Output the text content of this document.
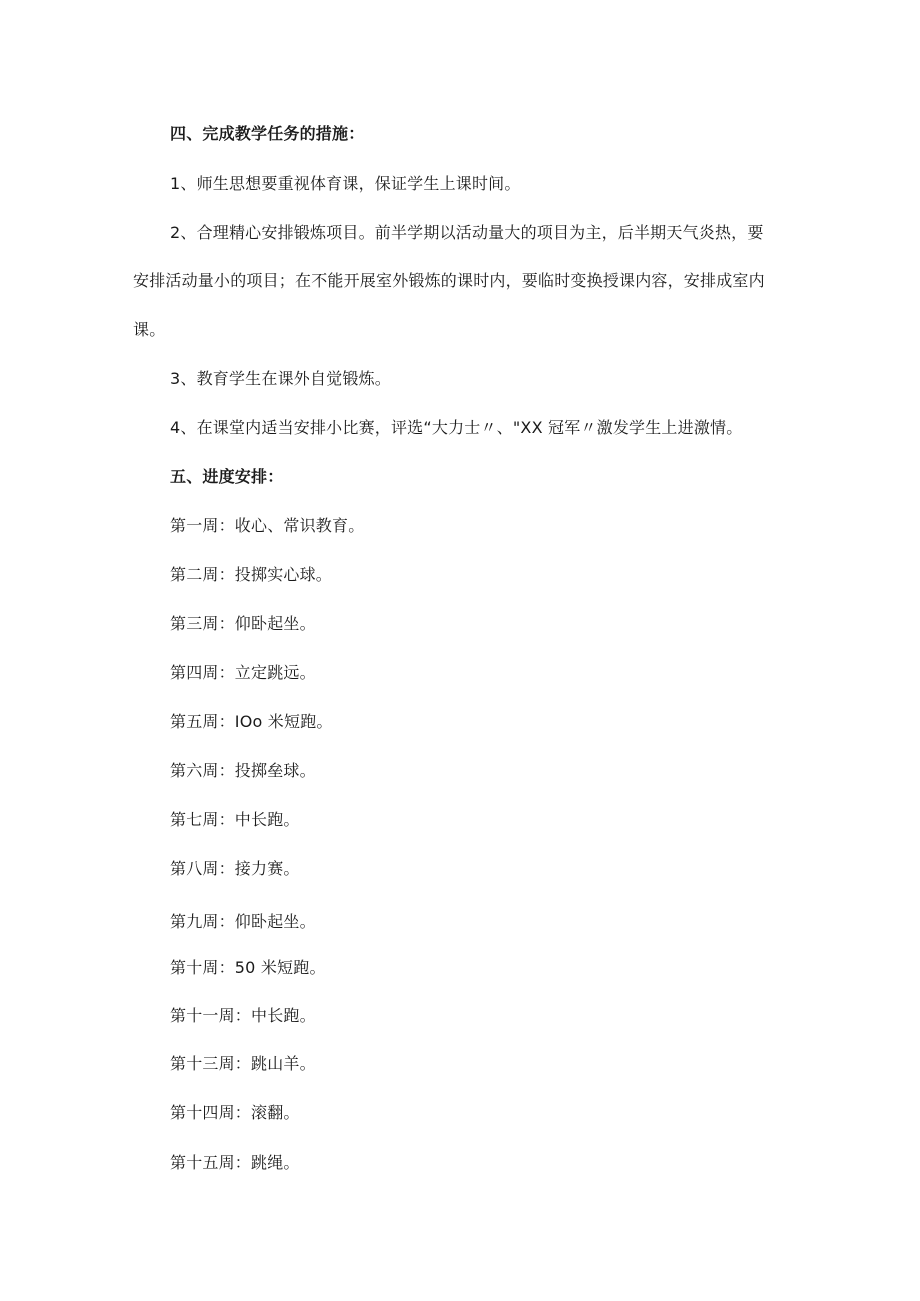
四、完成教学任务的措施：
1、师生思想要重视体育课，保证学生上课时间。
2、合理精心安排锻炼项目。前半学期以活动量大的项目为主，后半期天气炎热，要
安排活动量小的项目；在不能开展室外锻炼的课时内，要临时变换授课内容，安排成室内
课。
3、教育学生在课外自觉锻炼。
4、在课堂内适当安排小比赛，评选“大力士〃、"XX 冠军〃激发学生上进激情。
五、进度安排：
第一周：收心、常识教育。
第二周：投掷实心球。
第三周：仰卧起坐。
第四周：立定跳远。
第五周：IOo 米短跑。
第六周：投掷垒球。
第七周：中长跑。
第八周：接力赛。
第九周：仰卧起坐。
第十周：50 米短跑。
第十一周：中长跑。
第十三周：跳山羊。
第十四周：滚翻。
第十五周：跳绳。
